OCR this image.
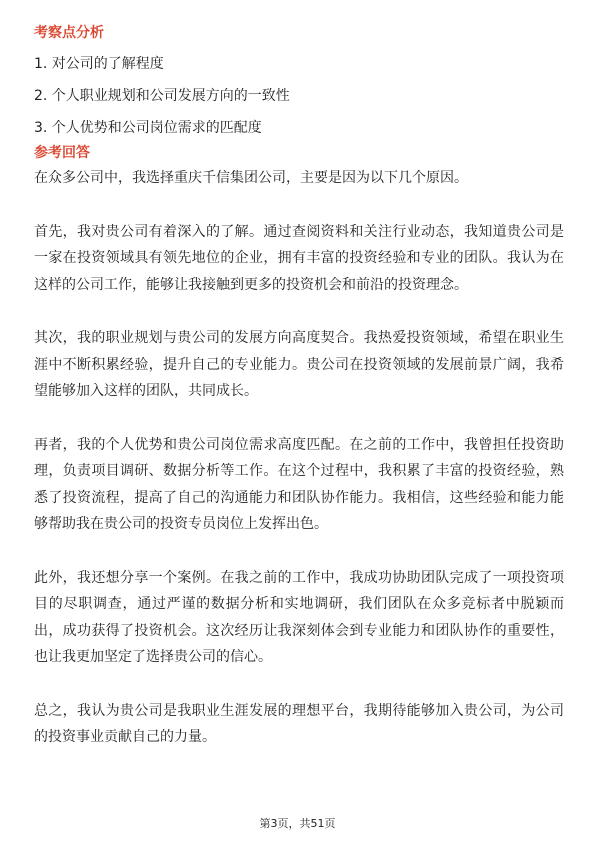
考察点分析
1. 对公司的了解程度
2. 个人职业规划和公司发展方向的一致性
3. 个人优势和公司岗位需求的匹配度
参考回答

在众多公司中，我选择重庆千信集团公司，主要是因为以下几个原因。

首先，我对贵公司有着深入的了解。通过查阅资料和关注行业动态，我知道贵公司是一家在投资领域具有领先地位的企业，拥有丰富的投资经验和专业的团队。我认为在这样的公司工作，能够让我接触到更多的投资机会和前沿的投资理念。

其次，我的职业规划与贵公司的发展方向高度契合。我热爱投资领域，希望在职业生涯中不断积累经验，提升自己的专业能力。贵公司在投资领域的发展前景广阔，我希望能够加入这样的团队，共同成长。

再者，我的个人优势和贵公司岗位需求高度匹配。在之前的工作中，我曾担任投资助理，负责项目调研、数据分析等工作。在这个过程中，我积累了丰富的投资经验，熟悉了投资流程，提高了自己的沟通能力和团队协作能力。我相信，这些经验和能力能够帮助我在贵公司的投资专员岗位上发挥出色。

此外，我还想分享一个案例。在我之前的工作中，我成功协助团队完成了一项投资项目的尽职调查，通过严谨的数据分析和实地调研，我们团队在众多竞标者中脱颖而出，成功获得了投资机会。这次经历让我深刻体会到专业能力和团队协作的重要性，也让我更加坚定了选择贵公司的信心。

总之，我认为贵公司是我职业生涯发展的理想平台，我期待能够加入贵公司，为公司的投资事业贡献自己的力量。

第3页，共51页
